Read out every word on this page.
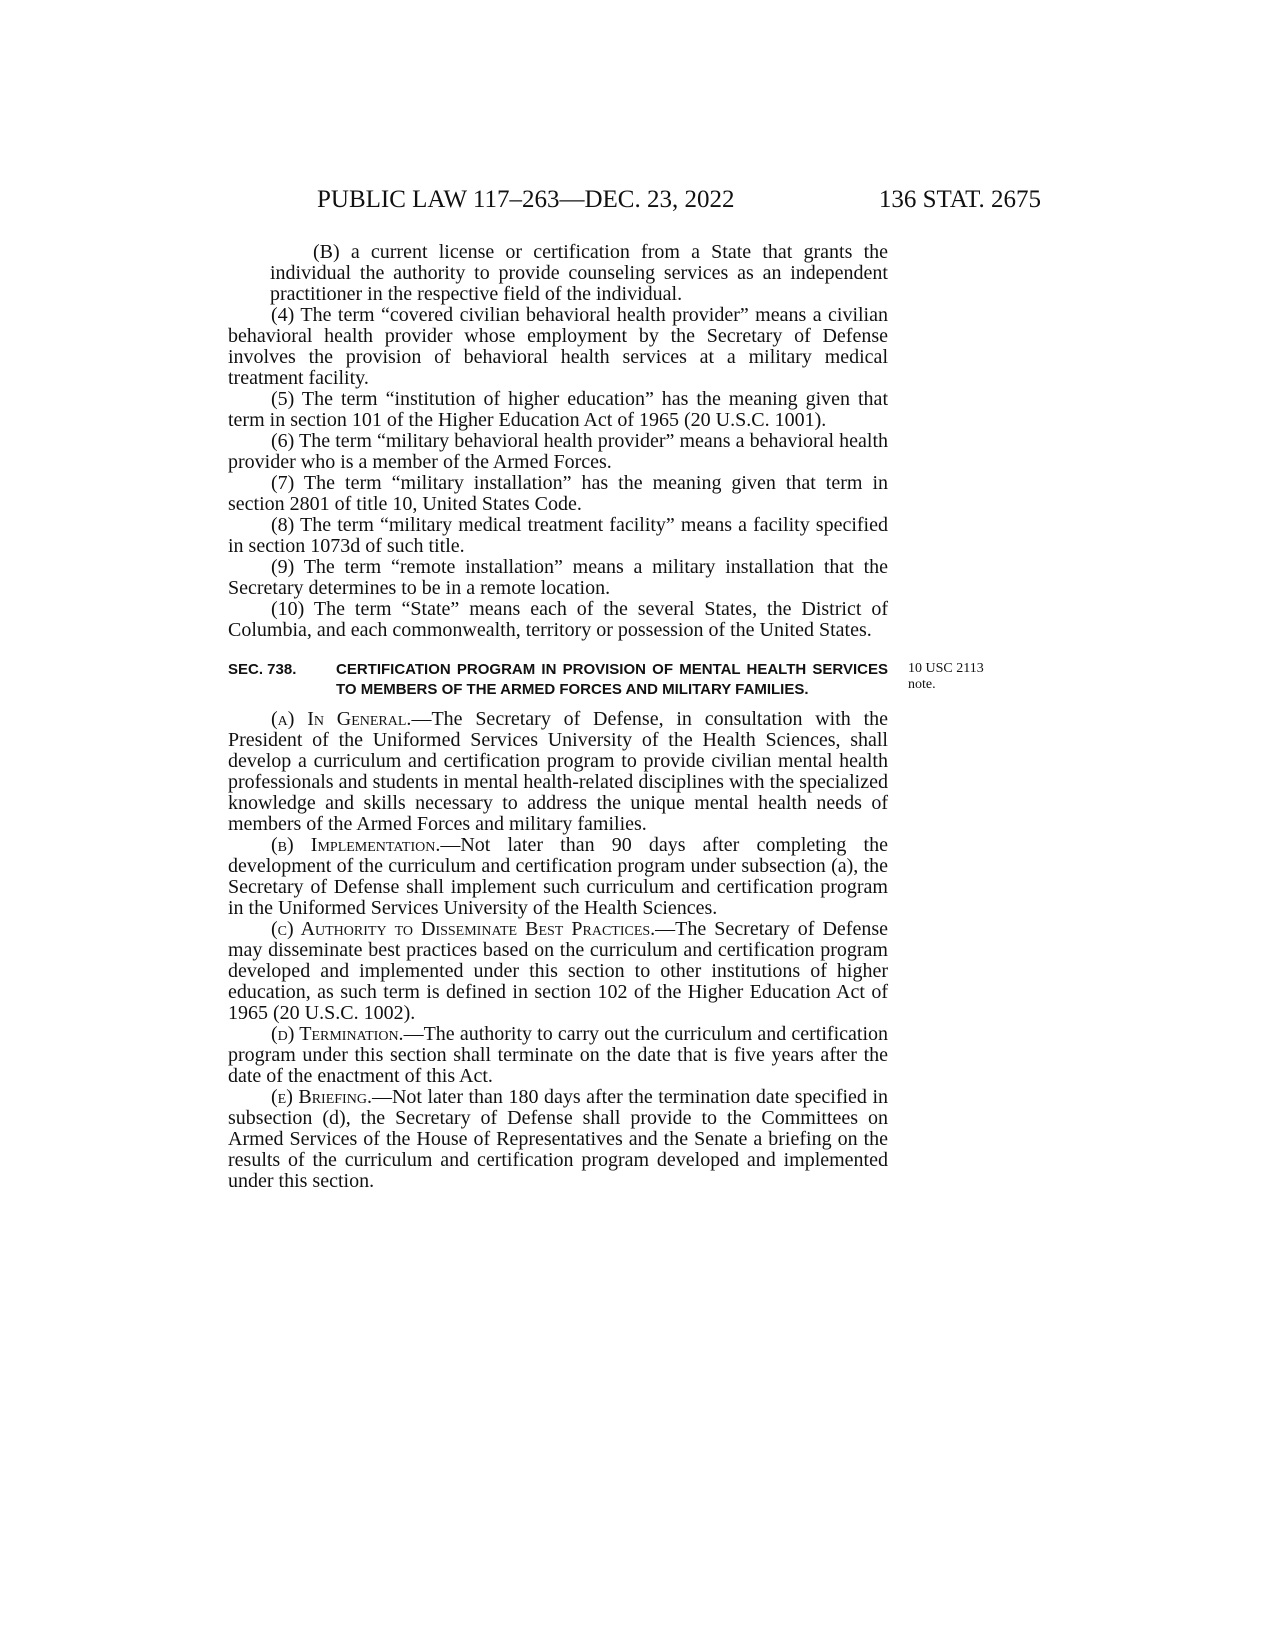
PUBLIC LAW 117–263—DEC. 23, 2022	136 STAT. 2675

(B) a current license or certification from a State that grants the individual the authority to provide counseling services as an independent practitioner in the respective field of the individual.

(4) The term “covered civilian behavioral health provider” means a civilian behavioral health provider whose employment by the Secretary of Defense involves the provision of behavioral health services at a military medical treatment facility.

(5) The term “institution of higher education” has the meaning given that term in section 101 of the Higher Education Act of 1965 (20 U.S.C. 1001).

(6) The term “military behavioral health provider” means a behavioral health provider who is a member of the Armed Forces.

(7) The term “military installation” has the meaning given that term in section 2801 of title 10, United States Code.

(8) The term “military medical treatment facility” means a facility specified in section 1073d of such title.

(9) The term “remote installation” means a military installation that the Secretary determines to be in a remote location.

(10) The term “State” means each of the several States, the District of Columbia, and each commonwealth, territory or possession of the United States.

SEC. 738.	CERTIFICATION PROGRAM IN PROVISION OF MENTAL HEALTH SERVICES TO MEMBERS OF THE ARMED FORCES AND MILITARY FAMILIES.
10 USC 2113
note.

(a) In General.—The Secretary of Defense, in consultation with the President of the Uniformed Services University of the Health Sciences, shall develop a curriculum and certification program to provide civilian mental health professionals and students in mental health-related disciplines with the specialized knowledge and skills necessary to address the unique mental health needs of members of the Armed Forces and military families.

(b) Implementation.—Not later than 90 days after completing the development of the curriculum and certification program under subsection (a), the Secretary of Defense shall implement such curriculum and certification program in the Uniformed Services University of the Health Sciences.

(c) Authority to Disseminate Best Practices.—The Secretary of Defense may disseminate best practices based on the curriculum and certification program developed and implemented under this section to other institutions of higher education, as such term is defined in section 102 of the Higher Education Act of 1965 (20 U.S.C. 1002).

(d) Termination.—The authority to carry out the curriculum and certification program under this section shall terminate on the date that is five years after the date of the enactment of this Act.

(e) Briefing.—Not later than 180 days after the termination date specified in subsection (d), the Secretary of Defense shall provide to the Committees on Armed Services of the House of Representatives and the Senate a briefing on the results of the curriculum and certification program developed and implemented under this section.
